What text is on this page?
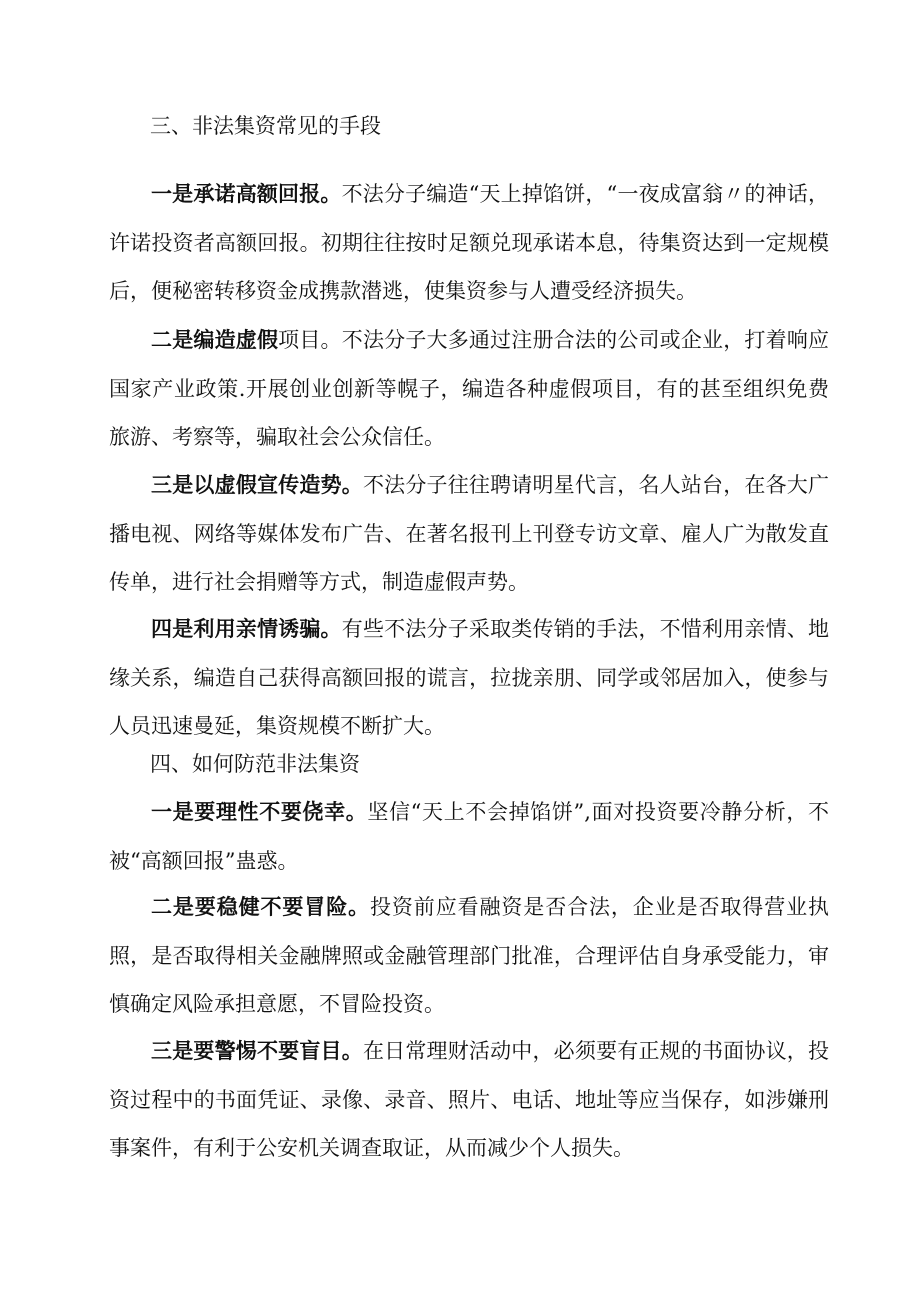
三、非法集资常见的手段

一是承诺高额回报。不法分子编造“天上掉馅饼，“一夜成富翁〃的神话，许诺投资者高额回报。初期往往按时足额兑现承诺本息，待集资达到一定规模后，便秘密转移资金成携款潜逃，使集资参与人遭受经济损失。

二是编造虚假项目。不法分子大多通过注册合法的公司或企业，打着响应国家产业政策.开展创业创新等幌子，编造各种虚假项目，有的甚至组织免费旅游、考察等，骗取社会公众信任。

三是以虚假宣传造势。不法分子往往聘请明星代言，名人站台，在各大广播电视、网络等媒体发布广告、在著名报刊上刊登专访文章、雇人广为散发直传单，进行社会捐赠等方式，制造虚假声势。

四是利用亲情诱骗。有些不法分子采取类传销的手法，不惜利用亲情、地缘关系，编造自己获得高额回报的谎言，拉拢亲朋、同学或邻居加入，使参与人员迅速曼延，集资规模不断扩大。

四、如何防范非法集资

一是要理性不要侥幸。坚信“天上不会掉馅饼”,面对投资要冷静分析，不被“高额回报”蛊惑。

二是要稳健不要冒险。投资前应看融资是否合法，企业是否取得营业执照，是否取得相关金融牌照或金融管理部门批准，合理评估自身承受能力，审慎确定风险承担意愿，不冒险投资。

三是要警惕不要盲目。在日常理财活动中，必须要有正规的书面协议，投资过程中的书面凭证、录像、录音、照片、电话、地址等应当保存，如涉嫌刑事案件，有利于公安机关调查取证，从而减少个人损失。
